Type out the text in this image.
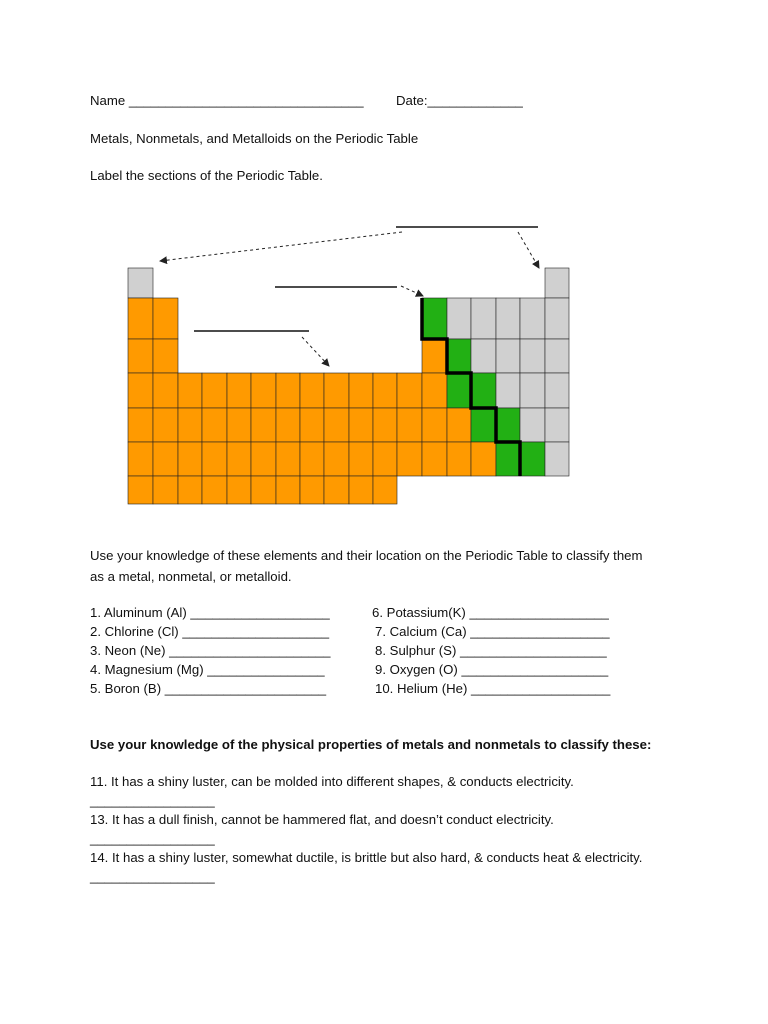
Name ________________________________ Date:_____________
Metals, Nonmetals, and Metalloids on the Periodic Table
Label the sections of the Periodic Table.
Use your knowledge of these elements and their location on the Periodic Table to classify them
as a metal, nonmetal, or metalloid.
1. Aluminum (Al) ___________________
2. Chlorine (Cl) ____________________
3. Neon (Ne) ______________________
4. Magnesium (Mg) ________________
5. Boron (B) ______________________
6. Potassium(K) ___________________
7. Calcium (Ca) ___________________
8. Sulphur (S) ____________________
9. Oxygen (O) ____________________
10. Helium (He) ___________________
Use your knowledge of the physical properties of metals and nonmetals to classify these:
11. It has a shiny luster, can be molded into different shapes, & conducts electricity.
_________________
13. It has a dull finish, cannot be hammered flat, and doesn’t conduct electricity.
_________________
14. It has a shiny luster, somewhat ductile, is brittle but also hard, & conducts heat & electricity.
_________________
